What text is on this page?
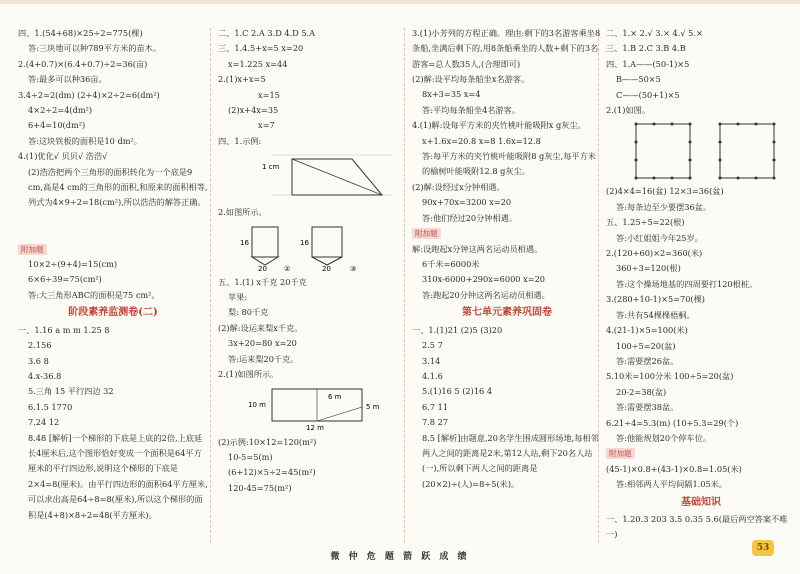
四、1.(54+68)×25÷2=775(棵)
答:三块地可以种789平方米的苗木。
2.(4+0.7)×(6.4+0.7)÷2=36(亩)
答:最多可以种36亩。
3.4÷2=2(dm) (2+4)×2÷2=6(dm²)
4×2÷2=4(dm²)
6+4=10(dm²)
答:这块铁板的面积是10 dm²。
4.(1)优化√ 贝贝√ 浩浩√
(2)浩浩把两个三角形的面积转化为一个底是9 cm,高是4 cm的三角形的面积,和原来的面积相等,列式为4×9÷2=18(cm²),所以浩浩的解答正确。
附加题
10×2÷(9+4)=15(cm)
6×6÷39=75(cm²)
答:大三角形ABC的面积是75 cm²。
阶段素养监测卷(二)
一、1.16 a m m 1.25 8
2.156
3.6 8
4.x-36.8
5.三角 15 平行四边 32
6.1.5 1770
7.24 12
8.48 [解析]一个梯形的下底是上底的2倍,上底延长4厘米后,这个图形恰好变成一个面积是64平方厘米的平行四边形,说明这个梯形的下底是2×4=8(厘米)。由平行四边形的面积64平方厘米,可以求出高是64÷8=8(厘米),所以这个梯形的面积是(4+8)×8÷2=48(平方厘米)。
二、1.C 2.A 3.D 4.D 5.A
三、1.4.5+x=5 x=20
x=1.225 x=44
2.(1)x+x=5
x=15
(2)x+4x=35
x=7
四、1.示例:
1 cm
2.如图所示。
16
20
16
20
②	③
五、1.(1) x千克 20千克
苹果:
梨: 80千克
(2)解:设运来梨x千克。
3x+20=80 x=20
答:运来梨20千克。
2.(1)如图所示。
10 m
6 m
5 m
12 m
(2)示例:10×12=120(m²)
10-5=5(m)
(6+12)×5÷2=45(m²)
120-45=75(m²)
3.(1)小芳列的方程正确。理由:剩下的3名游客乘坐8条船,坐满后剩下的,用8条船乘坐的人数+剩下的3名游客=总人数35人,(合理即可)
(2)解:设平均每条船坐x名游客。
8x+3=35 x=4
答:平均每条船坐4名游客。
4.(1)解:设每平方米的夹竹桃叶能吸附x g灰尘。
x+1.6x=20.8 x=8 1.6x=12.8
答:每平方米的夹竹桃叶能吸附8 g灰尘,每平方米的榆树叶能吸附12.8 g灰尘。
(2)解:设经过x分钟相遇。
90x+70x=3200 x=20
答:他们经过20分钟相遇。
附加题
解:设跑起x分钟这两名运动员相遇。
6千米=6000米
310x-6000+290x=6000 x=20
答:跑起20分钟这两名运动员相遇。
第七单元素养巩固卷
一、1.(1)21 (2)5 (3)20
2.5 7
3.14
4.1.6
5.(1)16 5 (2)16 4
6.7 11
7.8 27
8.5 [解析]由题意,20名学生围成圆形场地,每相邻两人之间的距离是2米,第12人站,剩下20名人站(一),所以剩下两人之间的距离是(20×2)÷(人)=8÷5(米)。
二、1.× 2.√ 3.× 4.√ 5.×
三、1.B 2.C 3.B 4.B
四、1.A——(50-1)×5
B——50×5
C——(50+1)×5
2.(1)如图。
(2)4×4=16(盆) 12×3=36(盆)
答:每条边至少要摆36盆。
五、1.25÷5=22(根)
答:小红姐姐今年25岁。
2.(120+60)×2=360(米)
360÷3=120(根)
答:这个操场地基的四周要打120根桩。
3.(280+10-1)×5=70(棵)
答:共有54棵棵梧桐。
4.(21-1)×5=100(米)
100÷5=20(盆)
答:需要摆26盆。
5.10米=100分米 100÷5=20(盆)
20-2=38(盆)
答:需要摆38盆。
6.21÷4=5.3(m) (10+5.3=29(个)
答:他能规划20个停车位。
附加题
(45-1)×0.8+(43-1)×0.8=1.05(米)
答:相邻两人平均间隔1.05米。
基础知识
一、1.20.3 203 3.5 0.35 5.6(最后两空答案不唯一)
微 仲 危 题 箭 跃 成 绩
53
